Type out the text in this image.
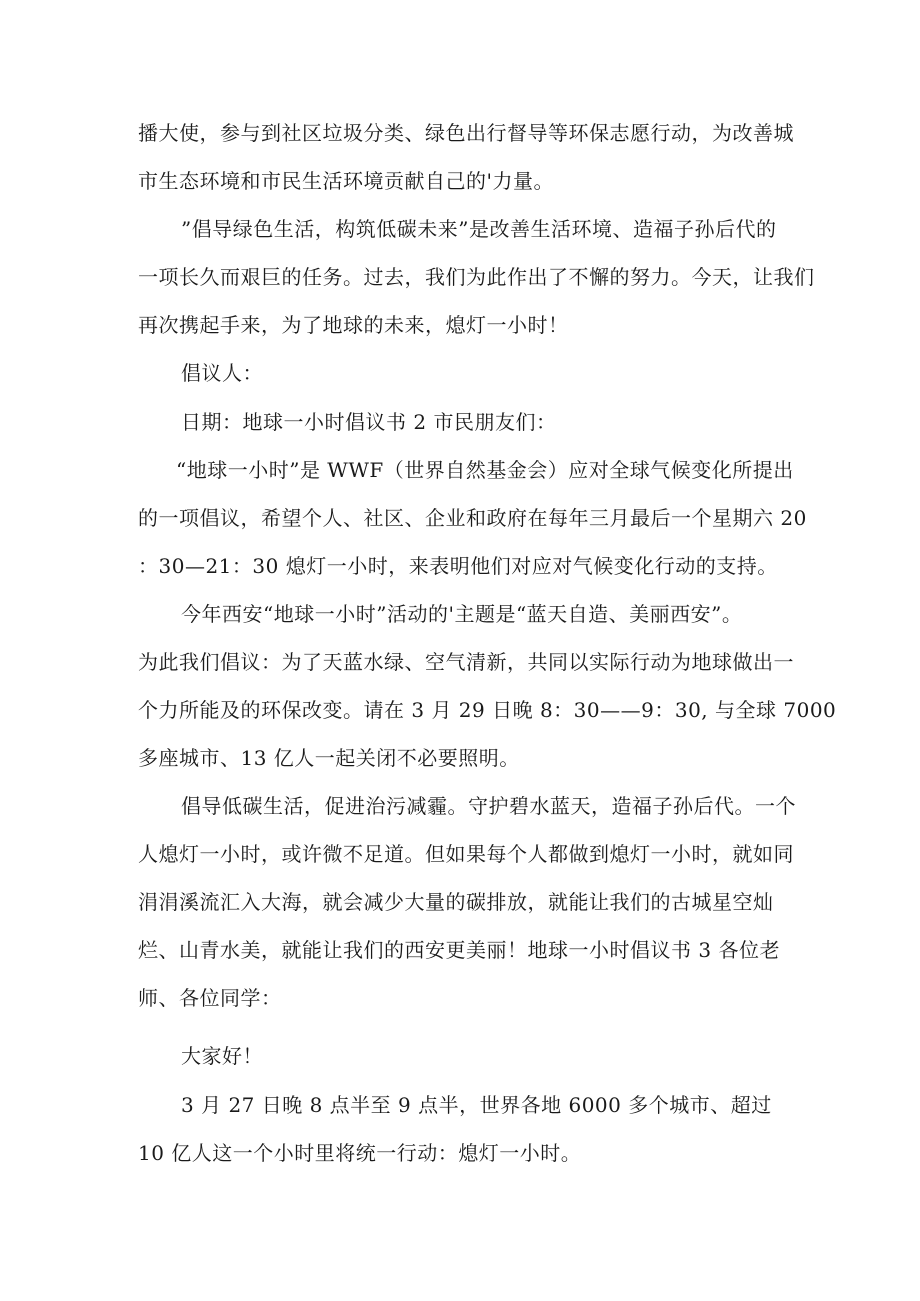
播大使，参与到社区垃圾分类、绿色出行督导等环保志愿行动，为改善城
市生态环境和市民生活环境贡献自己的'力量。
”倡导绿色生活，构筑低碳未来”是改善生活环境、造福子孙后代的
一项长久而艰巨的任务。过去，我们为此作出了不懈的努力。今天，让我们
再次携起手来，为了地球的未来，熄灯一小时！
倡议人：
日期：地球一小时倡议书 2 市民朋友们：
“地球一小时”是 WWF（世界自然基金会）应对全球气候变化所提出
的一项倡议，希望个人、社区、企业和政府在每年三月最后一个星期六 20
：30—21：30 熄灯一小时，来表明他们对应对气候变化行动的支持。
今年西安“地球一小时”活动的'主题是“蓝天自造、美丽西安”。
为此我们倡议：为了天蓝水绿、空气清新，共同以实际行动为地球做出一
个力所能及的环保改变。请在 3 月 29 日晚 8：30——9：30, 与全球 7000
多座城市、13 亿人一起关闭不必要照明。
倡导低碳生活，促进治污减霾。守护碧水蓝天，造福子孙后代。一个
人熄灯一小时，或许微不足道。但如果每个人都做到熄灯一小时，就如同
涓涓溪流汇入大海，就会减少大量的碳排放，就能让我们的古城星空灿
烂、山青水美，就能让我们的西安更美丽！地球一小时倡议书 3 各位老
师、各位同学：
大家好！
3 月 27 日晚 8 点半至 9 点半，世界各地 6000 多个城市、超过
10 亿人这一个小时里将统一行动：熄灯一小时。
